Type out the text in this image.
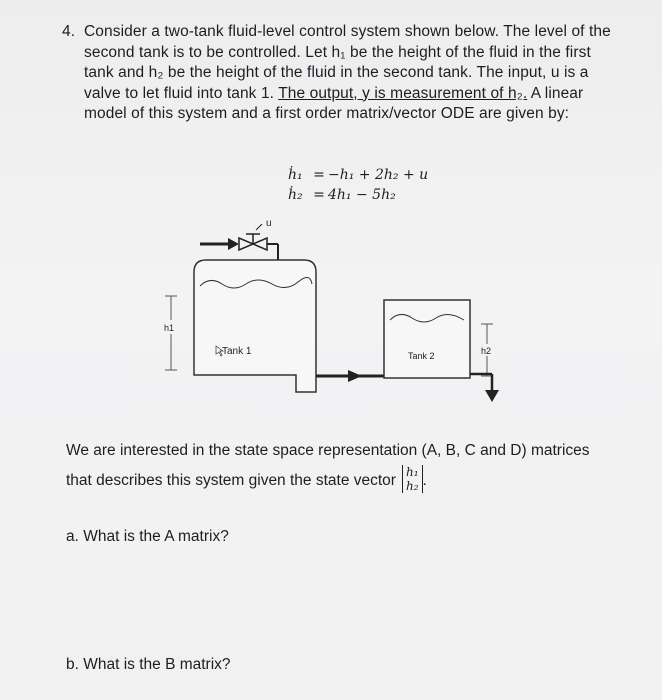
4. Consider a two-tank fluid-level control system shown below. The level of the
second tank is to be controlled. Let h₁ be the height of the fluid in the first
tank and h₂ be the height of the fluid in the second tank. The input, u is a
valve to let fluid into tank 1. The output, y is measurement of h₂. A linear
model of this system and a first order matrix/vector ODE are given by:
ḣ₁ = −h₁ + 2h₂ + u
ḣ₂ = 4h₁ − 5h₂
u
Tank 1
h1
Tank 2	h2
We are interested in the state space representation (A, B, C and D) matrices
that describes this system given the state vector
h₁
h₂ .
a. What is the A matrix?
b. What is the B matrix?
